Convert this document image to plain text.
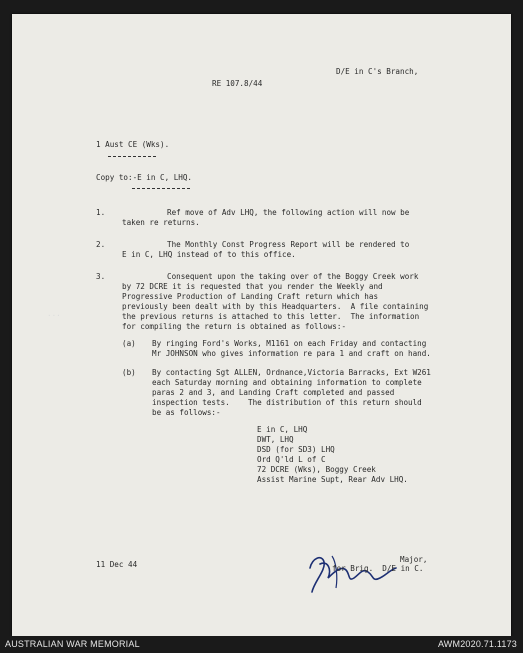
D/E in C's Branch,
RE 107.8/44
1 Aust CE (Wks).
Copy to:-E in C, LHQ.
1.	Ref move of Adv LHQ, the following action will now be
taken re returns.
2.	The Monthly Const Progress Report will be rendered to
E in C, LHQ instead of to this office.
3.	Consequent upon the taking over of the Boggy Creek work
by 72 DCRE it is requested that you render the Weekly and
Progressive Production of Landing Craft return which has
previously been dealt with by this Headquarters.  A file containing
the previous returns is attached to this letter.  The information
for compiling the return is obtained as follows:-
(a) By ringing Ford's Works, M1161 on each Friday and contacting
Mr JOHNSON who gives information re para 1 and craft on hand.
(b) By contacting Sgt ALLEN, Ordnance,Victoria Barracks, Ext W261
each Saturday morning and obtaining information to complete
paras 2 and 3, and Landing Craft completed and passed
inspection tests.    The distribution of this return should
be as follows:-
E in C, LHQ
DWT, LHQ
DSD (for SD3) LHQ
Ord Q'ld L of C
72 DCRE (Wks), Boggy Creek
Assist Marine Supt, Rear Adv LHQ.
11 Dec 44
Major,
for Brig.  D/E in C.
...
AUSTRALIAN WAR MEMORIAL	AWM2020.71.1173
